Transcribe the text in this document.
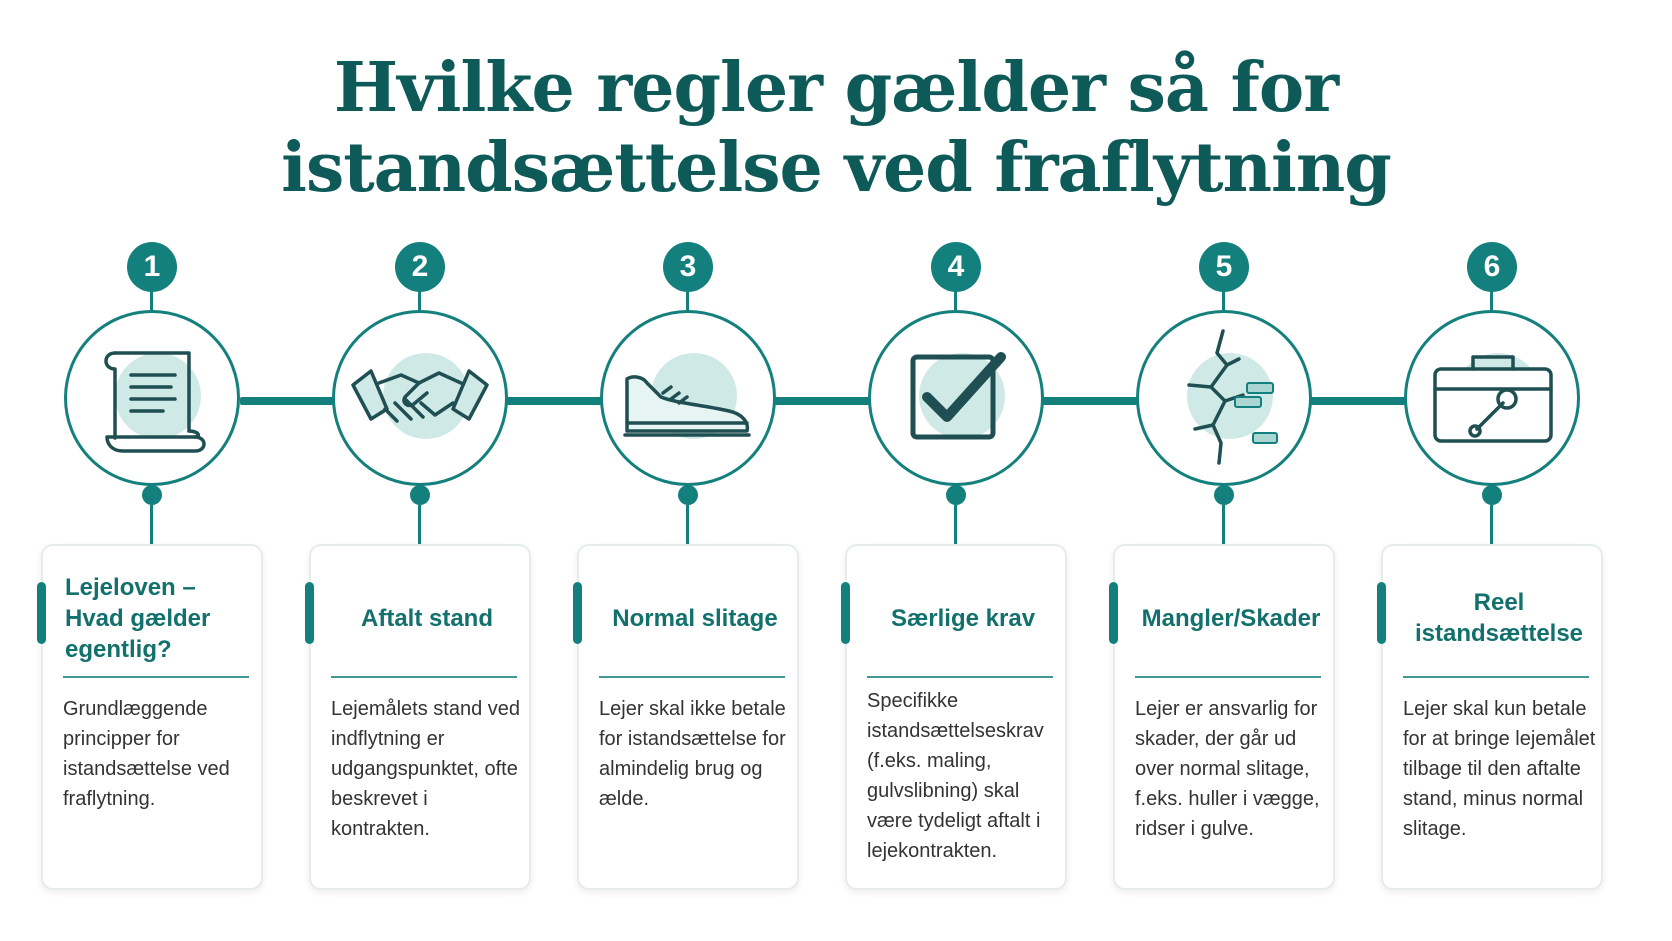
Hvilke regler gælder så for
istandsættelse ved fraflytning
1
Lejeloven – Hvad gælder egentlig?
Grundlæggende principper for istandsættelse ved fraflytning.
2
Aftalt stand
Lejemålets stand ved indflytning er udgangspunktet, ofte beskrevet i kontrakten.
3
Normal slitage
Lejer skal ikke betale for istandsættelse for almindelig brug og ælde.
4
Særlige krav
Specifikke istandsættelseskrav (f.eks. maling, gulvslibning) skal være tydeligt aftalt i lejekontrakten.
5
Mangler/Skader
Lejer er ansvarlig for skader, der går ud over normal slitage, f.eks. huller i vægge, ridser i gulve.
6
Reel istandsættelse
Lejer skal kun betale for at bringe lejemålet tilbage til den aftalte stand, minus normal slitage.
